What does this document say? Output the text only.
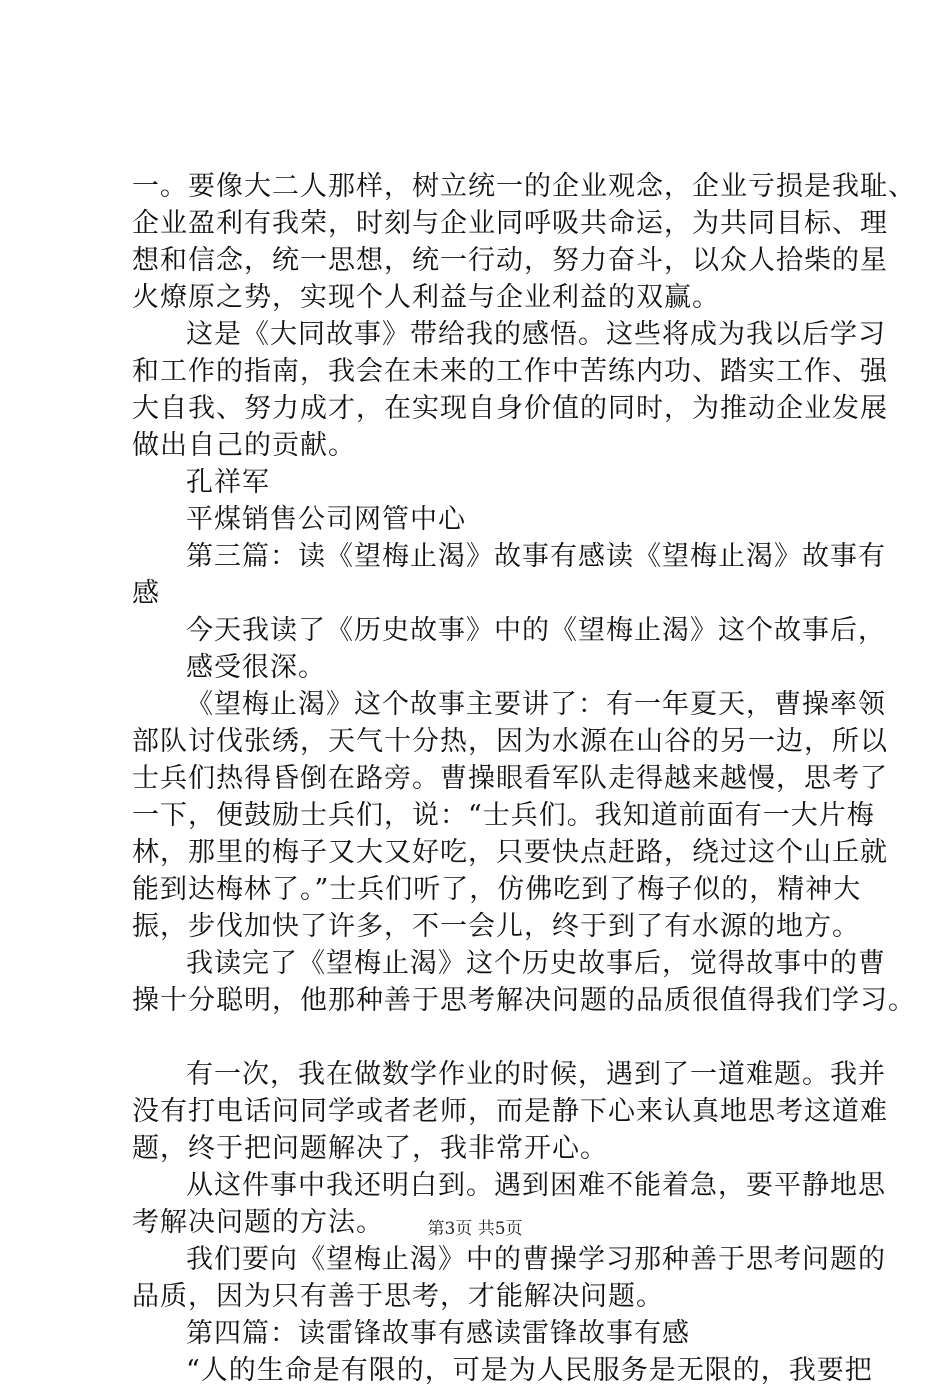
一。要像大二人那样，树立统一的企业观念，企业亏损是我耻、
企业盈利有我荣，时刻与企业同呼吸共命运，为共同目标、理
想和信念，统一思想，统一行动，努力奋斗，以众人拾柴的星
火燎原之势，实现个人利益与企业利益的双赢。
这是《大同故事》带给我的感悟。这些将成为我以后学习
和工作的指南，我会在未来的工作中苦练内功、踏实工作、强
大自我、努力成才，在实现自身价值的同时，为推动企业发展
做出自己的贡献。
孔祥军
平煤销售公司网管中心
第三篇：读《望梅止渴》故事有感读《望梅止渴》故事有
感
今天我读了《历史故事》中的《望梅止渴》这个故事后，
感受很深。
《望梅止渴》这个故事主要讲了：有一年夏天，曹操率领
部队讨伐张绣，天气十分热，因为水源在山谷的另一边，所以
士兵们热得昏倒在路旁。曹操眼看军队走得越来越慢，思考了
一下，便鼓励士兵们，说：“士兵们。我知道前面有一大片梅
林，那里的梅子又大又好吃，只要快点赶路，绕过这个山丘就
能到达梅林了。”士兵们听了，仿佛吃到了梅子似的，精神大
振，步伐加快了许多，不一会儿，终于到了有水源的地方。
我读完了《望梅止渴》这个历史故事后，觉得故事中的曹
操十分聪明，他那种善于思考解决问题的品质很值得我们学习。
有一次，我在做数学作业的时候，遇到了一道难题。我并
没有打电话问同学或者老师，而是静下心来认真地思考这道难
题，终于把问题解决了，我非常开心。
从这件事中我还明白到。遇到困难不能着急，要平静地思
考解决问题的方法。
我们要向《望梅止渴》中的曹操学习那种善于思考问题的
品质，因为只有善于思考，才能解决问题。
第四篇：读雷锋故事有感读雷锋故事有感
“人的生命是有限的，可是为人民服务是无限的，我要把
第3页 共5页
